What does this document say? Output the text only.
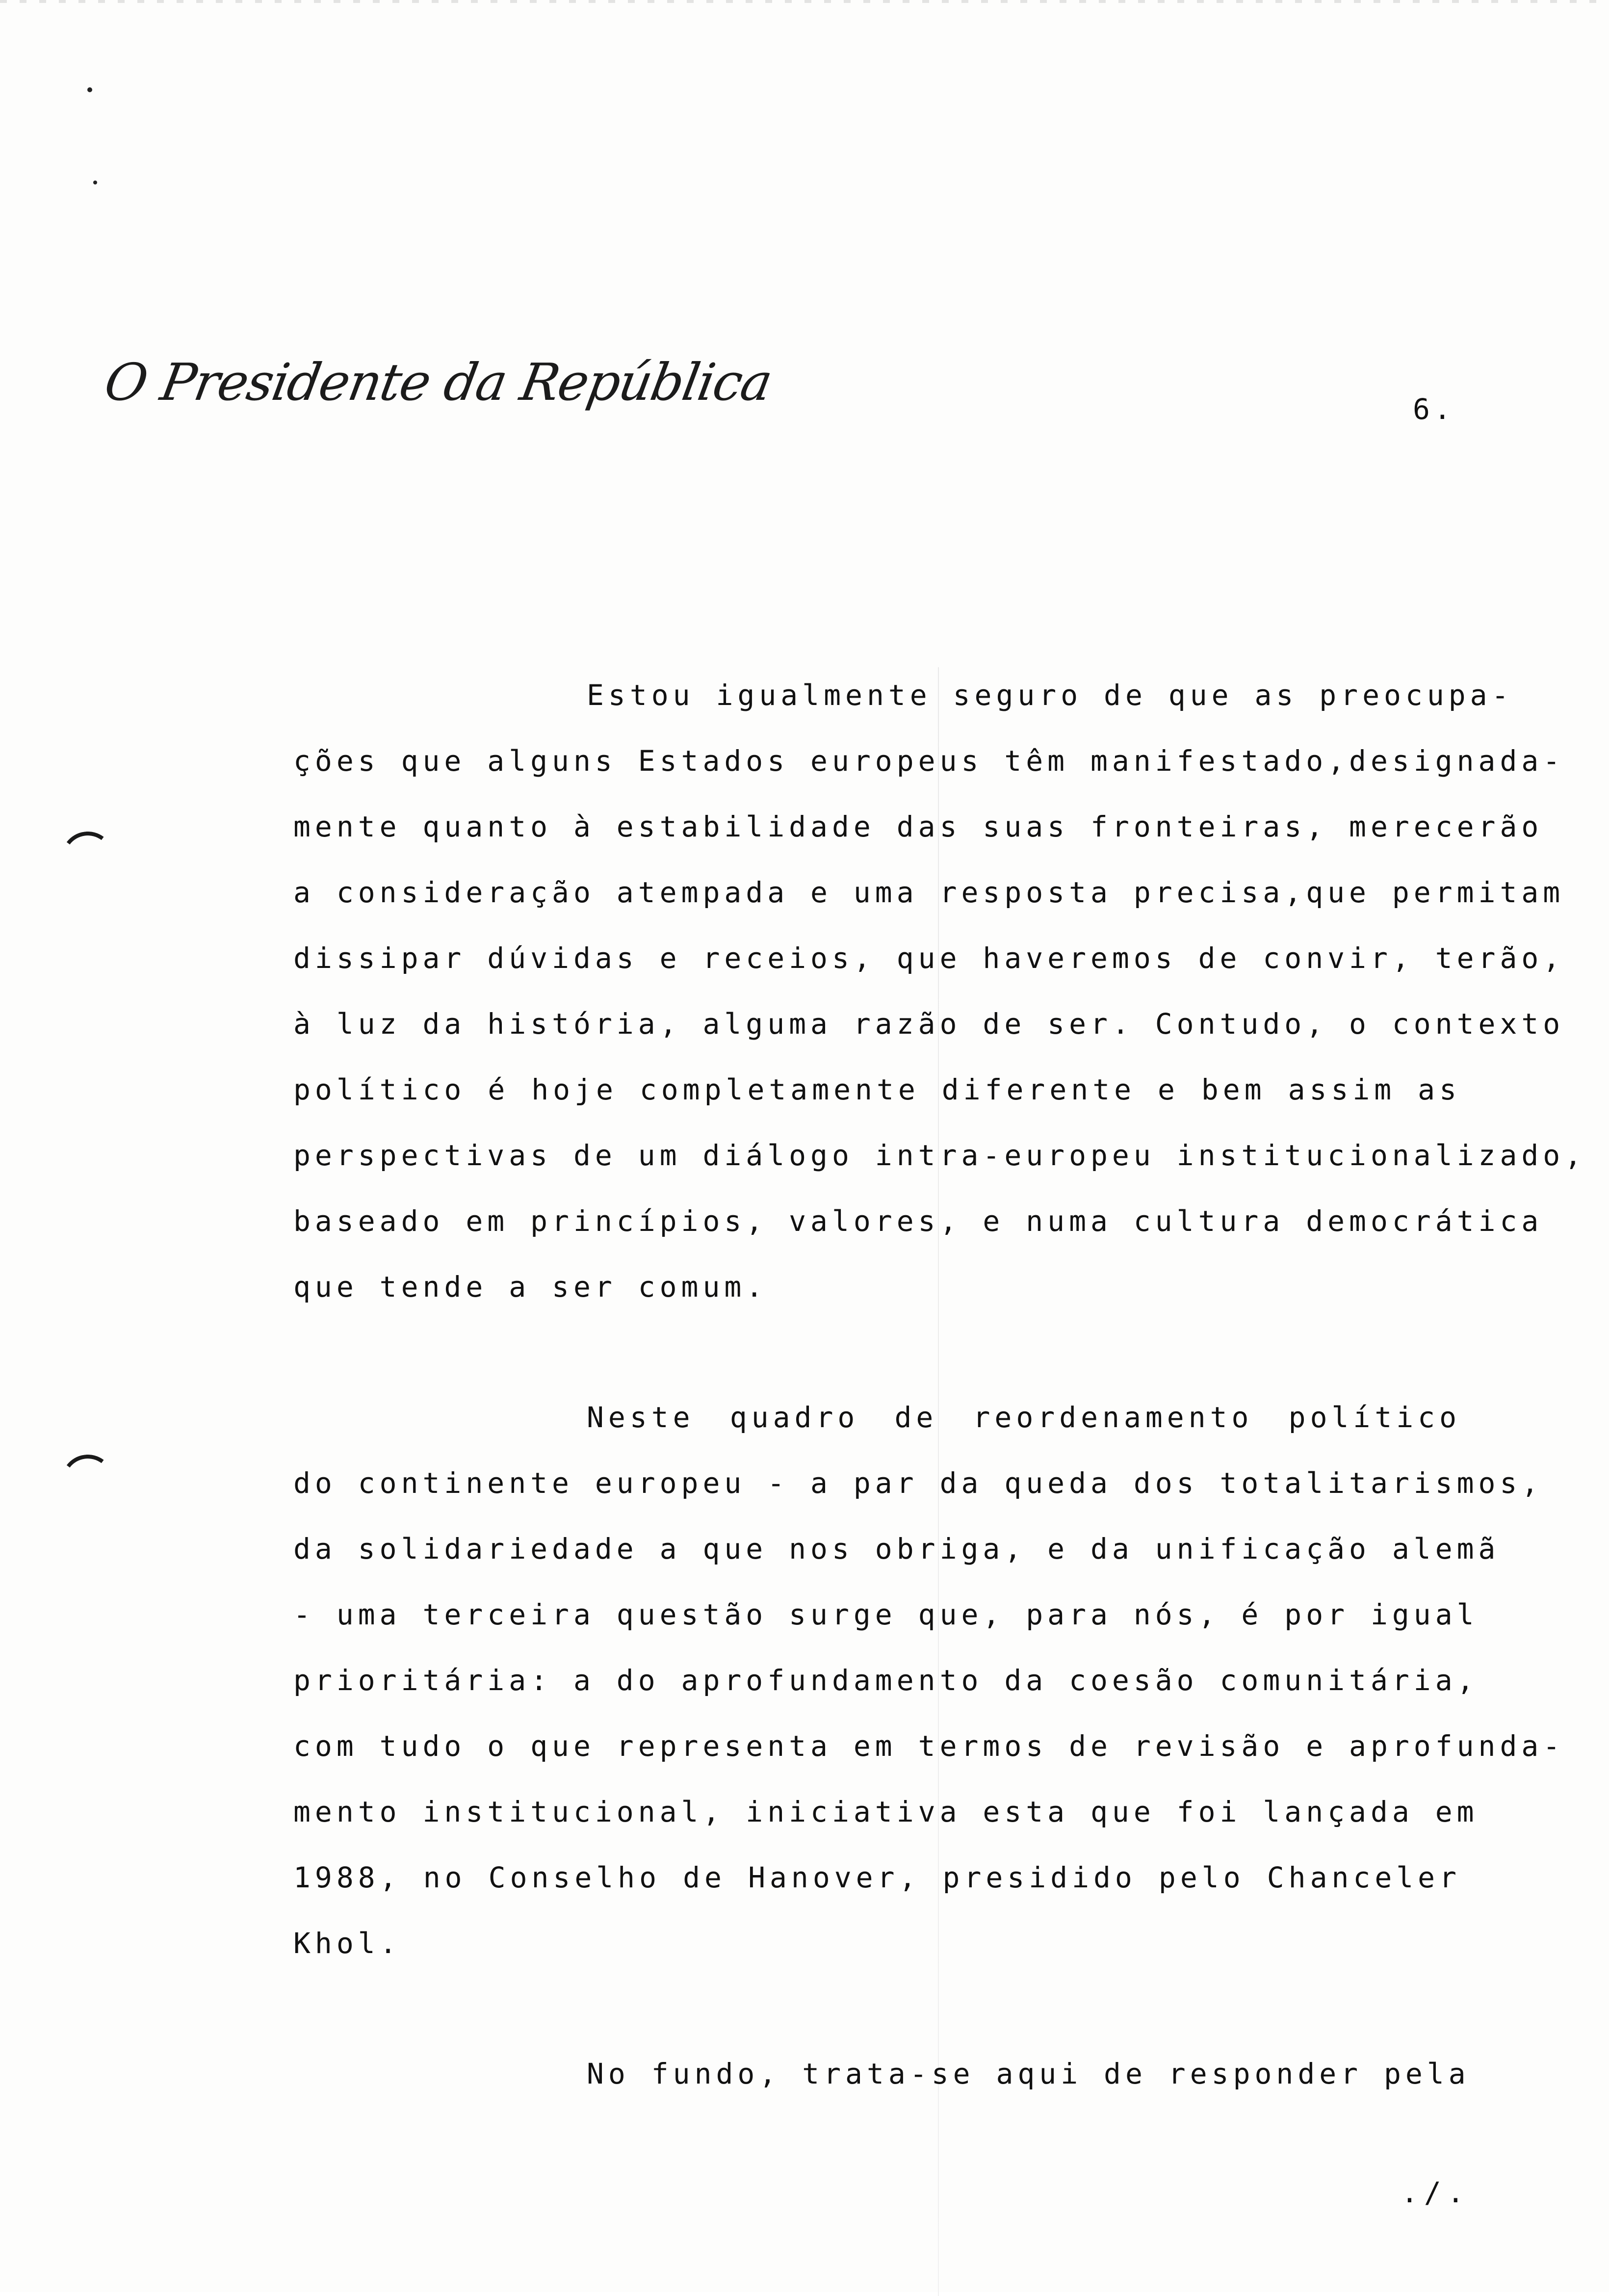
O Presidente da República	6.
Estou igualmente seguro de que as preocupa-
ções que alguns Estados europeus têm manifestado,designada-
mente quanto à estabilidade das suas fronteiras, merecerão
a consideração atempada e uma resposta precisa,que permitam
dissipar dúvidas e receios, que haveremos de convir, terão,
à luz da história, alguma razão de ser. Contudo, o contexto
político é hoje completamente diferente e bem assim as
perspectivas de um diálogo intra-europeu institucionalizado,
baseado em princípios, valores, e numa cultura democrática
que tende a ser comum.
Neste quadro de reordenamento político
do continente europeu - a par da queda dos totalitarismos,
da solidariedade a que nos obriga, e da unificação alemã
- uma terceira questão surge que, para nós, é por igual
prioritária: a do aprofundamento da coesão comunitária,
com tudo o que representa em termos de revisão e aprofunda-
mento institucional, iniciativa esta que foi lançada em
1988, no Conselho de Hanover, presidido pelo Chanceler
Khol.
No fundo, trata-se aqui de responder pela
./.
